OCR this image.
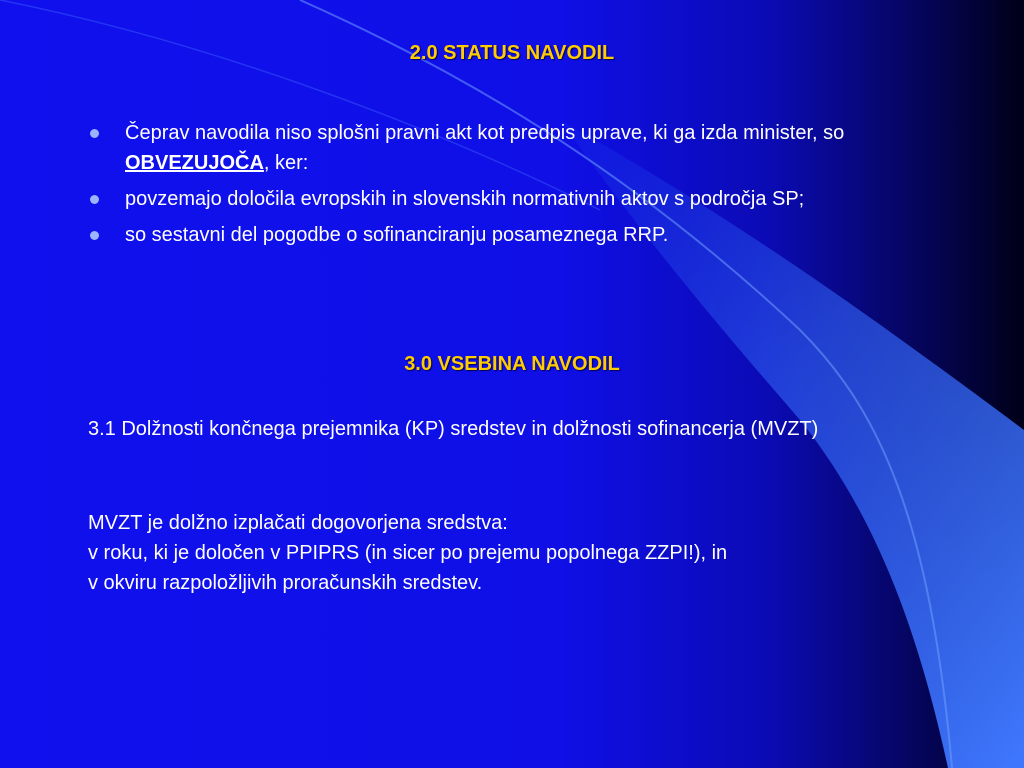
2.0 STATUS NAVODIL
Čeprav navodila niso splošni pravni akt kot predpis uprave, ki ga izda minister, so OBVEZUJOČA, ker:
povzemajo določila evropskih in slovenskih normativnih aktov s področja SP;
so sestavni del pogodbe o sofinanciranju posameznega RRP.
3.0 VSEBINA NAVODIL

3.1 Dolžnosti končnega prejemnika (KP) sredstev in dolžnosti sofinancerja (MVZT)

MVZT je dolžno izplačati dogovorjena sredstva:
v roku, ki je določen v PPIPRS (in sicer po prejemu popolnega ZZPI!), in
v okviru razpoložljivih proračunskih sredstev.
